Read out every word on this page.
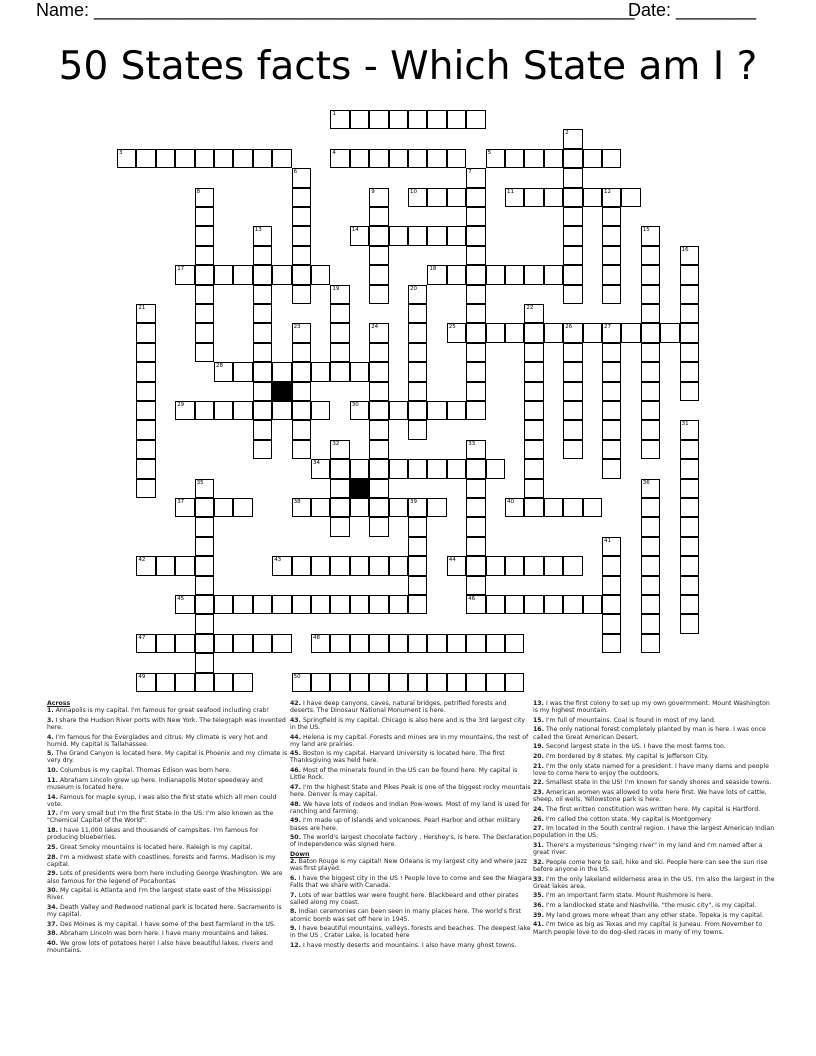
Name: ______________________________________________________
Date: ________
50 States facts - Which State am I ?
1
2
3	4	5
6	7
8	9	10	11	12
13	14	15
16
17	18
19	20
21	22
23	24	25	26	27
28
29	30
31
32	33
46
34
35	36
37	38	39	40
41
42	43	44
45
47	48
49	50
Across
1. Annapolis is my capital. I'm famous for great seafood including crab!
3. I share the Hudson River ports with New York. The telegraph was invented here.
4. I'm famous for the Everglades and citrus. My climate is very hot and humid. My capital is Tallahassee.
5. The Grand Canyon is located here. My capital is Phoenix and my climate is very dry.
10. Columbus is my capital. Thomas Edison was born here.
11. Abraham Lincoln grew up here. Indianapolis Motor speedway and museum is located here.
14. Famous for maple syrup, I was also the first state which all men could vote.
17. I'm very small but I'm the first State in the US. I'm also known as the "Chemical Capital of the World".
18. I have 11,000 lakes and thousands of campsites. I'm famous for producing blueberries.
25. Great Smoky mountains is located here. Raleigh is my capital.
28. I'm a midwest state with coastlines, forests and farms. Madison is my capital.
29. Lots of presidents were born here including George Washington. We are also famous for the legend of Pocahontas
30. My capital is Atlanta and I'm the largest state east of the Mississippi River.
34. Death Valley and Redwood national park is located here. Sacramento is my capital.
37. Des Moines is my capital. I have some of the best farmland in the US.
38. Abraham Lincoln was born here. I have many mountains and lakes.
40. We grow lots of potatoes here! I also have beautiful lakes, rivers and mountains.
42. I have deep canyons, caves, natural bridges, petrified forests and deserts. The Dinosaur National Monument is here.
43. Springfield is my capital. Chicago is also here and is the 3rd largest city in the US.
44. Helena is my capital. Forests and mines are in my mountains, the rest of my land are prairies.
45. Boston is my capital. Harvard University is located here. The first Thanksgiving was held here.
46. Most of the minerals found in the US can be found here. My capital is Little Rock.
47. I'm the highest State and Pikes Peak is one of the biggest rocky mountais here. Denver is may capital.
48. We have lots of rodeos and Indian Pow-wows. Most of my land is used for ranching and farming.
49. I'm made up of Islands and volcanoes. Pearl Harbor and other military bases are here.
50. The world's largest chocolate factory , Hershey's, is here. The Declaration of Independence was signed here.
Down
2. Baton Rouge is my capital! New Orleans is my largest city and where Jazz was first played.
6. I have the biggest city in the US ! People love to come and see the Niagara Falls that we share with Canada.
7. Lots of war battles war were fought here. Blackbeard and other pirates sailed along my coast.
8. Indian ceremonies can been seen in many places here. The world's first atomic bomb was set off here in 1945.
9. I have beautiful mountains, valleys, forests and beaches. The deepest lake in the US , Crater Lake, is located here
12. I have mostly deserts and mountains. I also have many ghost towns.
13. I was the first colony to set up my own goverrnment. Mount Washington is my highest mountain.
15. I'm full of mountains. Coal is found in most of my land.
16. The only national forest completely planted by man is here. I was once called the Great American Desert.
19. Second largest state in the US. I have the most farms too.
20. I'm bordered by 8 states. My capital is Jefferson City.
21. I'm the only state named for a president. I have many dams and people love to come here to enjoy the outdoors.
22. Smallest state in the US! I'm known for sandy shores and seaside towns.
23. American women was allowed to vote here first. We have lots of cattle, sheep, oil wells. Yellowstone park is here.
24. The first written constitution was written here. My capital is Hartford.
26. I'm called the cotton state. My capital is Montgomery
27. Im located in the South central region. I have the largest American Indian population in the US.
31. There's a mysterious "singing river" in my land and I'm named after a great river.
32. People come here to sail, hike and ski. People here can see the sun rise before anyone in the US.
33. I'm the only lakeland wilderness area in the US. I'm also the largest in the Great lakes area.
35. I'm an important farm state. Mount Rushmore is here.
36. I'm a landlocked state and Nashville, "the music city", is my capital.
39. My land grows more wheat than any other state. Topeka is my capital.
41. I'm twice as big as Texas and my capital is Juneau. From November to March people love to do dog-sled races in many of my towns.
